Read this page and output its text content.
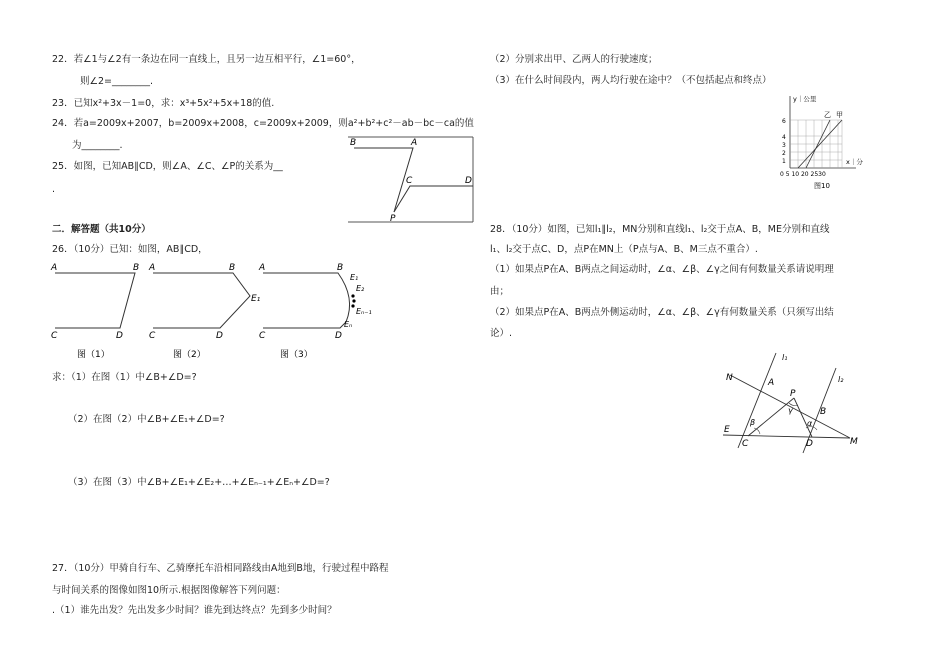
22．若∠1与∠2有一条边在同一直线上，且另一边互相平行，∠1=60°，
则∠2=________.
23．已知x²+3x－1=0，求：x³+5x²+5x+18的值.
24．若a=2009x+2007，b=2009x+2008，c=2009x+2009，则a²+b²+c²－ab－bc－ca的值
为________.
25．如图，已知AB∥CD，则∠A、∠C、∠P的关系为__
.
B	A
C	D
P
二．解答题（共10分）
26．（10分）已知：如图，AB∥CD，
A	B
C	D
图（1）
A	B
E₁
C	D
图（2）
A	B
E₁
E₂
Eₙ₋₁
Eₙ
C	D
图（3）
求：（1）在图（1）中∠B+∠D=?
（2）在图（2）中∠B+∠E₁+∠D=?
（3）在图（3）中∠B+∠E₁+∠E₂+…+∠Eₙ₋₁+∠Eₙ+∠D=?
27．（10分）甲骑自行车、乙骑摩托车沿相同路线由A地到B地，行驶过程中路程
与时间关系的图像如图10所示.根据图像解答下列问题：
.（1）谁先出发？先出发多少时间？谁先到达终点？先到多少时间？
（2）分别求出甲、乙两人的行驶速度；
（3）在什么时间段内，两人均行驶在途中？（不包括起点和终点）
y｜公里
乙 甲
6
4
3
2
1
0 5 10 20 2530
x｜分
图10
28．（10分）如图，已知l₁∥l₂，MN分别和直线l₁、l₂交于点A、B，ME分别和直线
l₁、l₂交于点C、D，点P在MN上（P点与A、B、M三点不重合）.
（1）如果点P在A、B两点之间运动时，∠α、∠β、∠γ之间有何数量关系请说明理
由；
（2）如果点P在A、B两点外侧运动时，∠α、∠β、∠γ有何数量关系（只须写出结
论）.
l₁
l₂
N	A
P
γ	B
β	α
E
C	D	M
